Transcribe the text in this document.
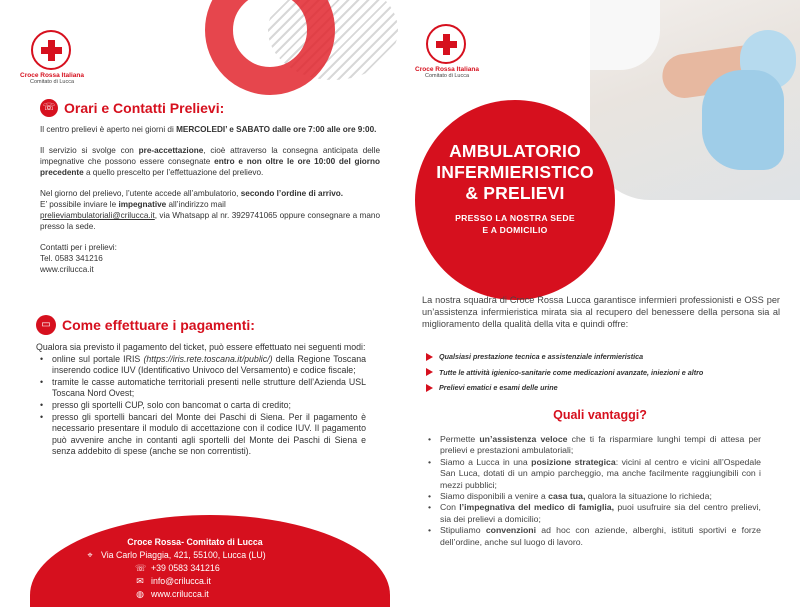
Croce Rossa Italiana
Comitato di Lucca
☏ Orari e Contatti Prelievi:

Il centro prelievi è aperto nei giorni di MERCOLEDI’ e SABATO dalle ore 7:00 alle ore 9:00.

Il servizio si svolge con pre-accettazione, cioè attraverso la consegna anticipata delle impegnative che possono essere consegnate entro e non oltre le ore 10:00 del giorno precedente a quello prescelto per l’effettuazione del prelievo.

Nel giorno del prelievo, l’utente accede all’ambulatorio, secondo l’ordine di arrivo.

E’ possibile inviare le impegnative all’indirizzo mail
prelieviambulatoriali@crilucca.it, via Whatsapp al nr. 3929741065 oppure consegnare a mano presso la sede.

Contatti per i prelievi:

Tel. 0583 341216

www.crilucca.it

▭ Come effettuare i pagamenti:
Qualora sia previsto il pagamento del ticket, può essere effettuato nei seguenti modi:
• online sul portale IRIS (https://iris.rete.toscana.it/public/) della Regione Toscana inserendo codice IUV (Identificativo Univoco del Versamento) e codice fiscale;
• tramite le casse automatiche territoriali presenti nelle strutture dell’Azienda USL Toscana Nord Ovest;
• presso gli sportelli CUP, solo con bancomat o carta di credito;
• presso gli sportelli bancari del Monte dei Paschi di Siena. Per il pagamento è necessario presentare il modulo di accettazione con il codice IUV. Il pagamento può avvenire anche in contanti agli sportelli del Monte dei Paschi di Siena e senza addebito di spese (anche se non correntisti).
Croce Rossa- Comitato di Lucca
⌖ Via Carlo Piaggia, 421, 55100, Lucca (LU)
☏ +39 0583 341216
✉ info@crilucca.it
◍ www.crilucca.it
Croce Rossa Italiana
Comitato di Lucca
AMBULATORIO
INFERMIERISTICO
& PRELIEVI
PRESSO LA NOSTRA SEDE
E A DOMICILIO
La nostra squadra di Croce Rossa Lucca garantisce infermieri professionisti e OSS per un’assistenza infermieristica mirata sia al recupero del benessere della persona sia al miglioramento della qualità della vita e quindi offre:
Qualsiasi prestazione tecnica e assistenziale infermieristica
Tutte le attività igienico-sanitarie come medicazioni avanzate, iniezioni e altro
Prelievi ematici e esami delle urine
Quali vantaggi?
• Permette un’assistenza veloce che ti fa risparmiare lunghi tempi di attesa per prelievi e prestazioni ambulatoriali;
• Siamo a Lucca in una posizione strategica: vicini al centro e vicini all’Ospedale San Luca, dotati di un ampio parcheggio, ma anche facilmente raggiungibili con i mezzi pubblici;
• Siamo disponibili a venire a casa tua, qualora la situazione lo richieda;
• Con l’impegnativa del medico di famiglia, puoi usufruire sia del centro prelievi, sia dei prelievi a domicilio;
• Stipuliamo convenzioni ad hoc con aziende, alberghi, istituti sportivi e forze dell’ordine, anche sul luogo di lavoro.
